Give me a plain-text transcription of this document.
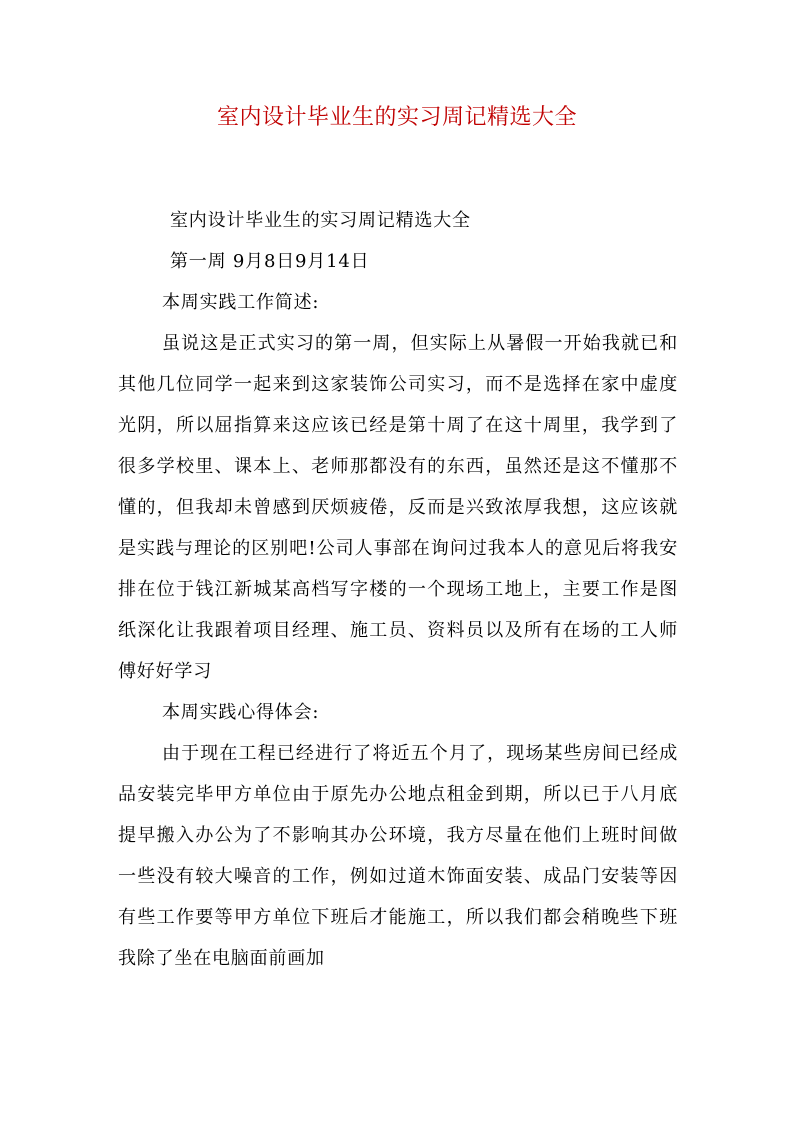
室内设计毕业生的实习周记精选大全

室内设计毕业生的实习周记精选大全

第一周 9月8日9月14日

本周实践工作简述:

虽说这是正式实习的第一周，但实际上从暑假一开始我就已和其他几位同学一起来到这家装饰公司实习，而不是选择在家中虚度光阴，所以屈指算来这应该已经是第十周了在这十周里，我学到了很多学校里、课本上、老师那都没有的东西，虽然还是这不懂那不懂的，但我却未曾感到厌烦疲倦，反而是兴致浓厚我想，这应该就是实践与理论的区别吧!公司人事部在询问过我本人的意见后将我安排在位于钱江新城某高档写字楼的一个现场工地上，主要工作是图纸深化让我跟着项目经理、施工员、资料员以及所有在场的工人师傅好好学习

本周实践心得体会:

由于现在工程已经进行了将近五个月了，现场某些房间已经成品安装完毕甲方单位由于原先办公地点租金到期，所以已于八月底提早搬入办公为了不影响其办公环境，我方尽量在他们上班时间做一些没有较大噪音的工作，例如过道木饰面安装、成品门安装等因有些工作要等甲方单位下班后才能施工，所以我们都会稍晚些下班我除了坐在电脑面前画加
